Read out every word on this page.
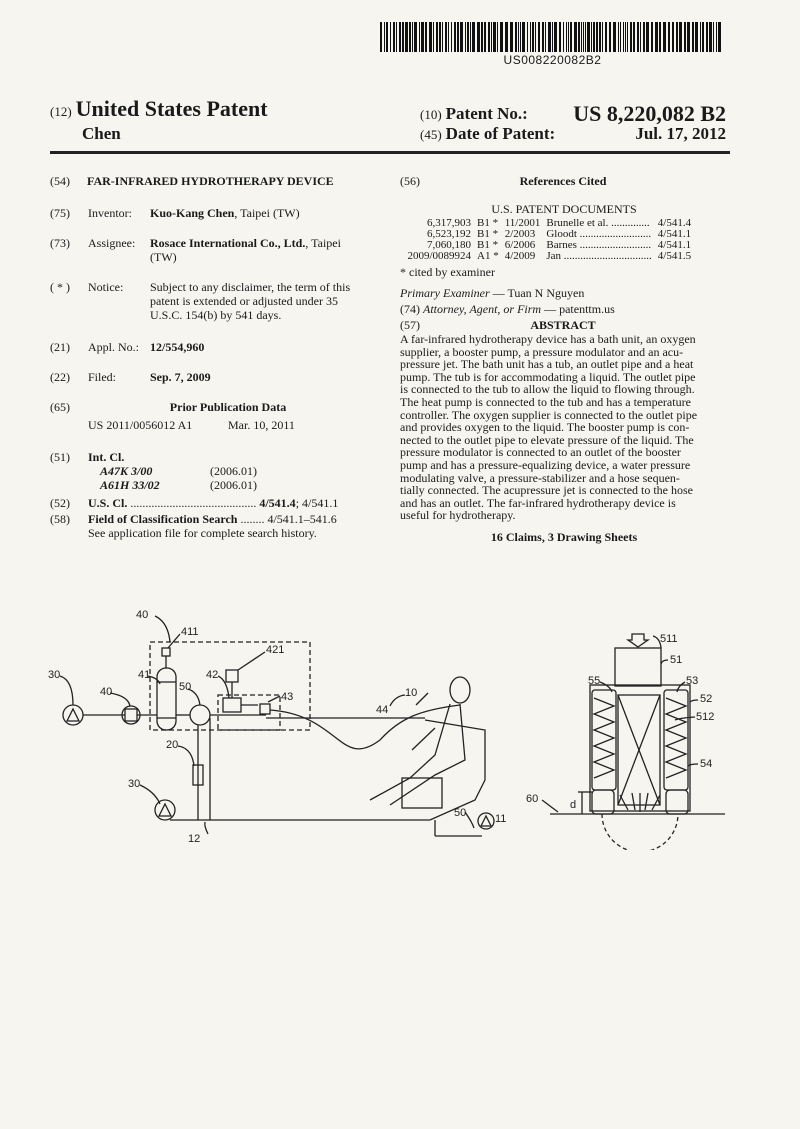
US008220082B2
(12) United States Patent
Chen
(10) Patent No.: US 8,220,082 B2
(45) Date of Patent:	Jul. 17, 2012
(54) FAR-INFRARED HYDROTHERAPY DEVICE
(75) Inventor: Kuo-Kang Chen, Taipei (TW)
(73) Assignee: Rosace International Co., Ltd., Taipei
(TW)
( * )	Notice:	Subject to any disclaimer, the term of this
patent is extended or adjusted under 35
U.S.C. 154(b) by 541 days.
(21) Appl. No.: 12/554,960
(22) Filed:	Sep. 7, 2009
(65)	Prior Publication Data
US 2011/0056012 A1	Mar. 10, 2011
(51) Int. Cl.
A47K 3/00	(2006.01)
A61H 33/02	(2006.01)
(52) U.S. Cl. .......................................... 4/541.4; 4/541.1
(58) Field of Classification Search ........ 4/541.1–541.6
See application file for complete search history.
(56)	References Cited
U.S. PATENT DOCUMENTS
6,317,903	B1 *	11/2001	Brunelle et al. ..............	4/541.4
6,523,192	B1 *	2/2003	Gloodt ..........................	4/541.1
7,060,180	B1 *	6/2006	Barnes ..........................	4/541.1
2009/0089924	A1 *	4/2009	Jan ................................	4/541.5
* cited by examiner
Primary Examiner — Tuan N Nguyen
(74) Attorney, Agent, or Firm — patenttm.us
(57)	ABSTRACT
A far-infrared hydrotherapy device has a bath unit, an oxygen
supplier, a booster pump, a pressure modulator and an acu-
pressure jet. The bath unit has a tub, an outlet pipe and a heat
pump. The tub is for accommodating a liquid. The outlet pipe
is connected to the tub to allow the liquid to flowing through.
The heat pump is connected to the tub and has a temperature
controller. The oxygen supplier is connected to the outlet pipe
and provides oxygen to the liquid. The booster pump is con-
nected to the outlet pipe to elevate pressure of the liquid. The
pressure modulator is connected to an outlet of the booster
pump and has a pressure-equalizing device, a water pressure
modulating valve, a pressure-stabilizer and a hose sequen-
tially connected. The acupressure jet is connected to the hose
and has an outlet. The far-infrared hydrotherapy device is
useful for hydrotherapy.
16 Claims, 3 Drawing Sheets
40
411
421
30
40
41
50
42
43	10
44
20
30
12
50	11
511
51
55	53
52
512
54
60	d
